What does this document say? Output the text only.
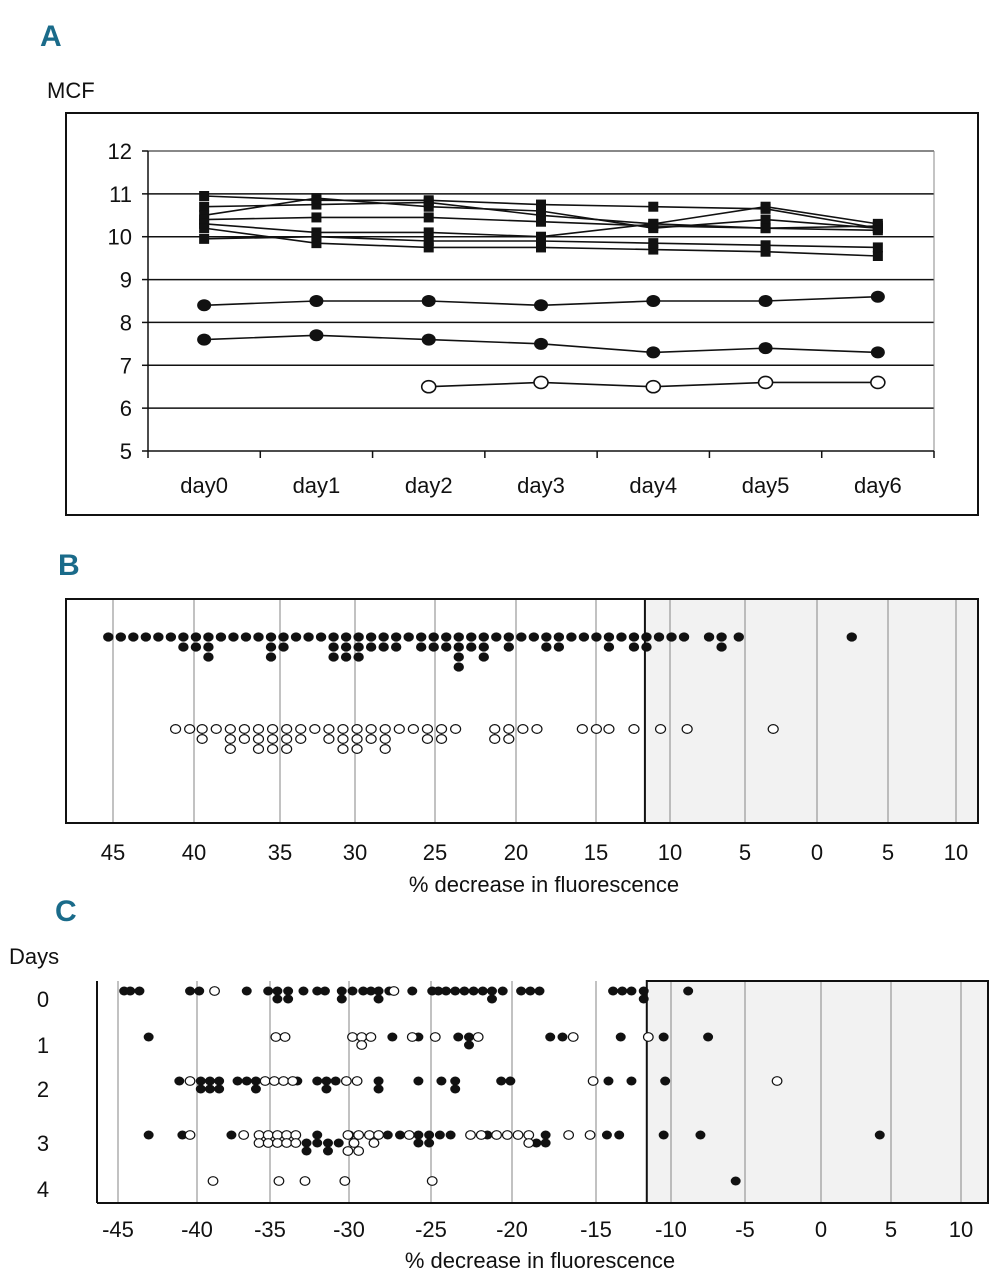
A
B
C
MCF
5
6
7
8
9
10
11
12
day0	day1	day2	day3	day4	day5	day6
45	40	35 30	25	20	15 10	5	0	5 10
% decrease in fluorescence
Days
-45 -40 -35 -30 -25 -20 -15 -10 -5	0	5 10
0
1
2
3
4
% decrease in fluorescence
